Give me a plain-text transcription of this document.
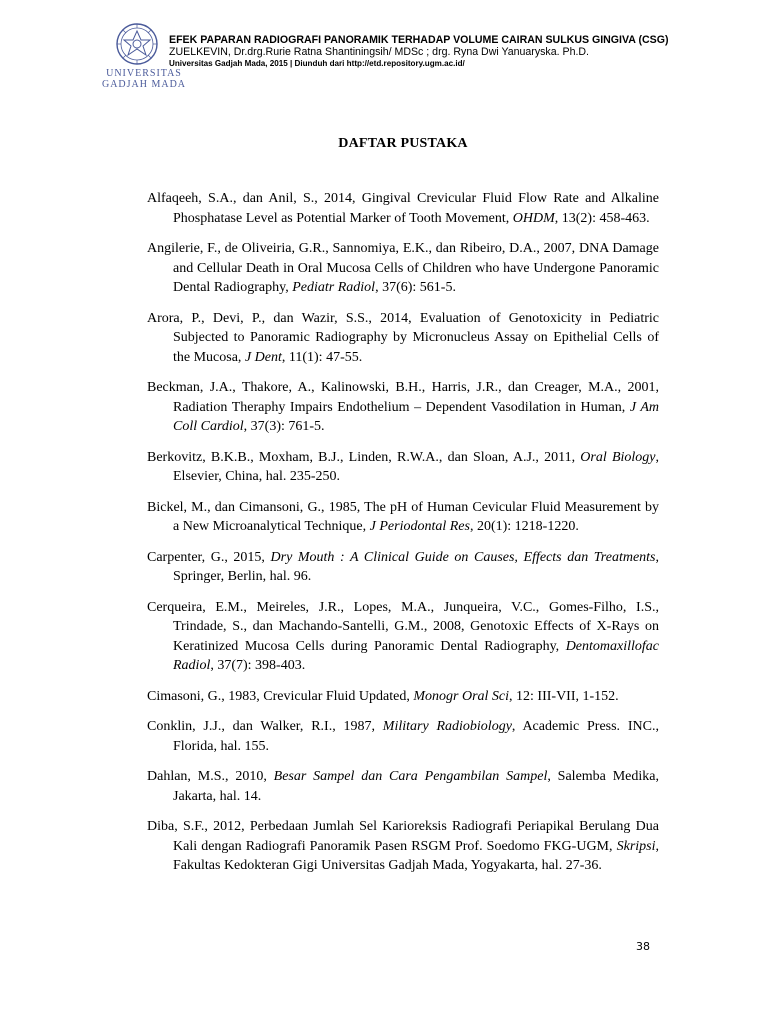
UNIVERSITAS
GADJAH MADA
EFEK PAPARAN RADIOGRAFI PANORAMIK TERHADAP VOLUME CAIRAN SULKUS GINGIVA (CSG)
ZUELKEVIN, Dr.drg.Rurie Ratna Shantiningsih/ MDSc ; drg. Ryna Dwi Yanuaryska. Ph.D.
Universitas Gadjah Mada, 2015 | Diunduh dari http://etd.repository.ugm.ac.id/
DAFTAR PUSTAKA
Alfaqeeh, S.A., dan Anil, S., 2014, Gingival Crevicular Fluid Flow Rate and Alkaline Phosphatase Level as Potential Marker of Tooth Movement, OHDM, 13(2): 458-463.
Angilerie, F., de Oliveiria, G.R., Sannomiya, E.K., dan Ribeiro, D.A., 2007, DNA Damage and Cellular Death in Oral Mucosa Cells of Children who have Undergone Panoramic Dental Radiography, Pediatr Radiol, 37(6): 561-5.
Arora, P., Devi, P., dan Wazir, S.S., 2014, Evaluation of Genotoxicity in Pediatric Subjected to Panoramic Radiography by Micronucleus Assay on Epithelial Cells of the Mucosa, J Dent, 11(1): 47-55.
Beckman, J.A., Thakore, A., Kalinowski, B.H., Harris, J.R., dan Creager, M.A., 2001, Radiation Theraphy Impairs Endothelium – Dependent Vasodilation in Human, J Am Coll Cardiol, 37(3): 761-5.
Berkovitz, B.K.B., Moxham, B.J., Linden, R.W.A., dan Sloan, A.J., 2011, Oral Biology, Elsevier, China, hal. 235-250.
Bickel, M., dan Cimansoni, G., 1985, The pH of Human Cevicular Fluid Measurement by a New Microanalytical Technique, J Periodontal Res, 20(1): 1218-1220.
Carpenter, G., 2015, Dry Mouth : A Clinical Guide on Causes, Effects dan Treatments, Springer, Berlin, hal. 96.
Cerqueira, E.M., Meireles, J.R., Lopes, M.A., Junqueira, V.C., Gomes-Filho, I.S., Trindade, S., dan Machando-Santelli, G.M., 2008, Genotoxic Effects of X-Rays on Keratinized Mucosa Cells during Panoramic Dental Radiography, Dentomaxillofac Radiol, 37(7): 398-403.
Cimasoni, G., 1983, Crevicular Fluid Updated, Monogr Oral Sci, 12: III-VII, 1-152.
Conklin, J.J., dan Walker, R.I., 1987, Military Radiobiology, Academic Press. INC., Florida, hal. 155.
Dahlan, M.S., 2010, Besar Sampel dan Cara Pengambilan Sampel, Salemba Medika, Jakarta, hal. 14.
Diba, S.F., 2012, Perbedaan Jumlah Sel Karioreksis Radiografi Periapikal Berulang Dua Kali dengan Radiografi Panoramik Pasen RSGM Prof. Soedomo FKG-UGM, Skripsi, Fakultas Kedokteran Gigi Universitas Gadjah Mada, Yogyakarta, hal. 27-36.
38
